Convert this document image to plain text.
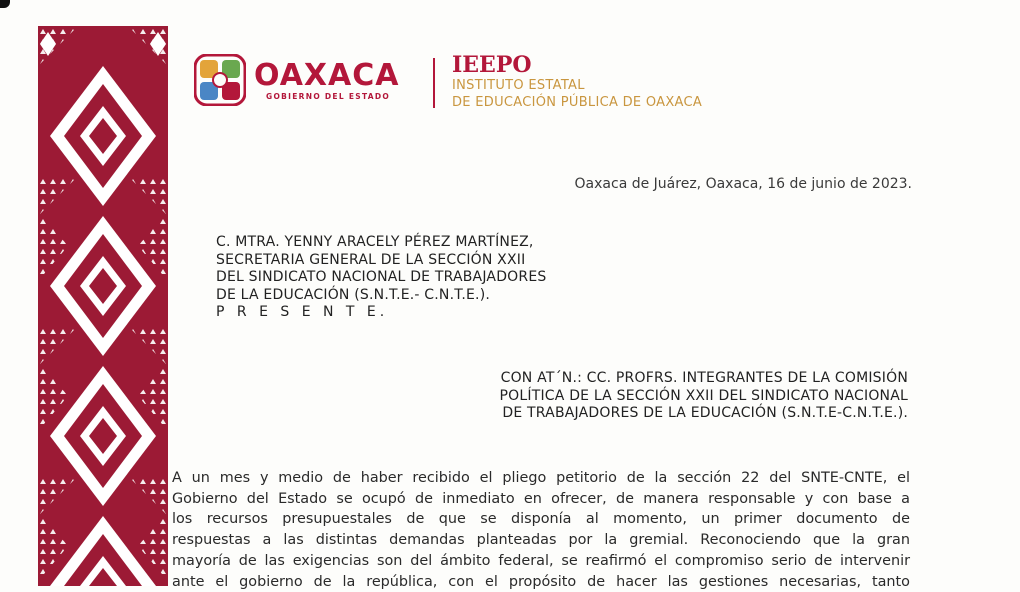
OAXACA
GOBIERNO DEL ESTADO
IEEPO
INSTITUTO ESTATAL
DE EDUCACIÓN PÚBLICA DE OAXACA
Oaxaca de Juárez, Oaxaca, 16 de junio de 2023.
C. MTRA. YENNY ARACELY PÉREZ MARTÍNEZ,
SECRETARIA GENERAL DE LA SECCIÓN XXII
DEL SINDICATO NACIONAL DE TRABAJADORES
DE LA EDUCACIÓN (S.N.T.E.- C.N.T.E.).
P R E S E N T E.
CON AT´N.: CC. PROFRS. INTEGRANTES DE LA COMISIÓN
POLÍTICA DE LA SECCIÓN XXII DEL SINDICATO NACIONAL
DE TRABAJADORES DE LA EDUCACIÓN (S.N.T.E-C.N.T.E.).
A un mes y medio de haber recibido el pliego petitorio de la sección 22 del SNTE-CNTE, el
Gobierno del Estado se ocupó de inmediato en ofrecer, de manera responsable y con base a
los recursos presupuestales de que se disponía al momento, un primer documento de
respuestas a las distintas demandas planteadas por la gremial. Reconociendo que la gran
mayoría de las exigencias son del ámbito federal, se reafirmó el compromiso serio de intervenir
ante el gobierno de la república, con el propósito de hacer las gestiones necesarias, tanto
